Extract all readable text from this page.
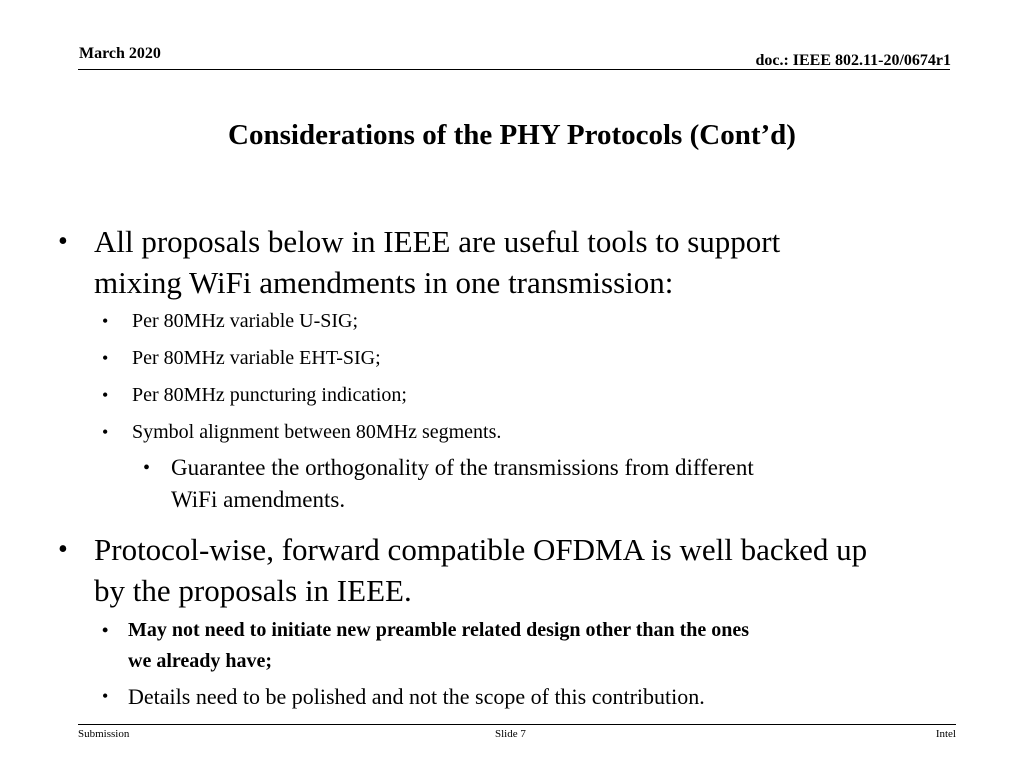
March 2020	doc.: IEEE 802.11-20/0674r1
Considerations of the PHY Protocols (Cont’d)
• All proposals below in IEEE are useful tools to support
mixing WiFi amendments in one transmission:
• Per 80MHz variable U-SIG;
• Per 80MHz variable EHT-SIG;
• Per 80MHz puncturing indication;
• Symbol alignment between 80MHz segments.
• Guarantee the orthogonality of the transmissions from different
WiFi amendments.
• Protocol-wise, forward compatible OFDMA is well backed up
by the proposals in IEEE.
• May not need to initiate new preamble related design other than the ones
we already have;
• Details need to be polished and not the scope of this contribution.
Submission	Slide 7	Intel
